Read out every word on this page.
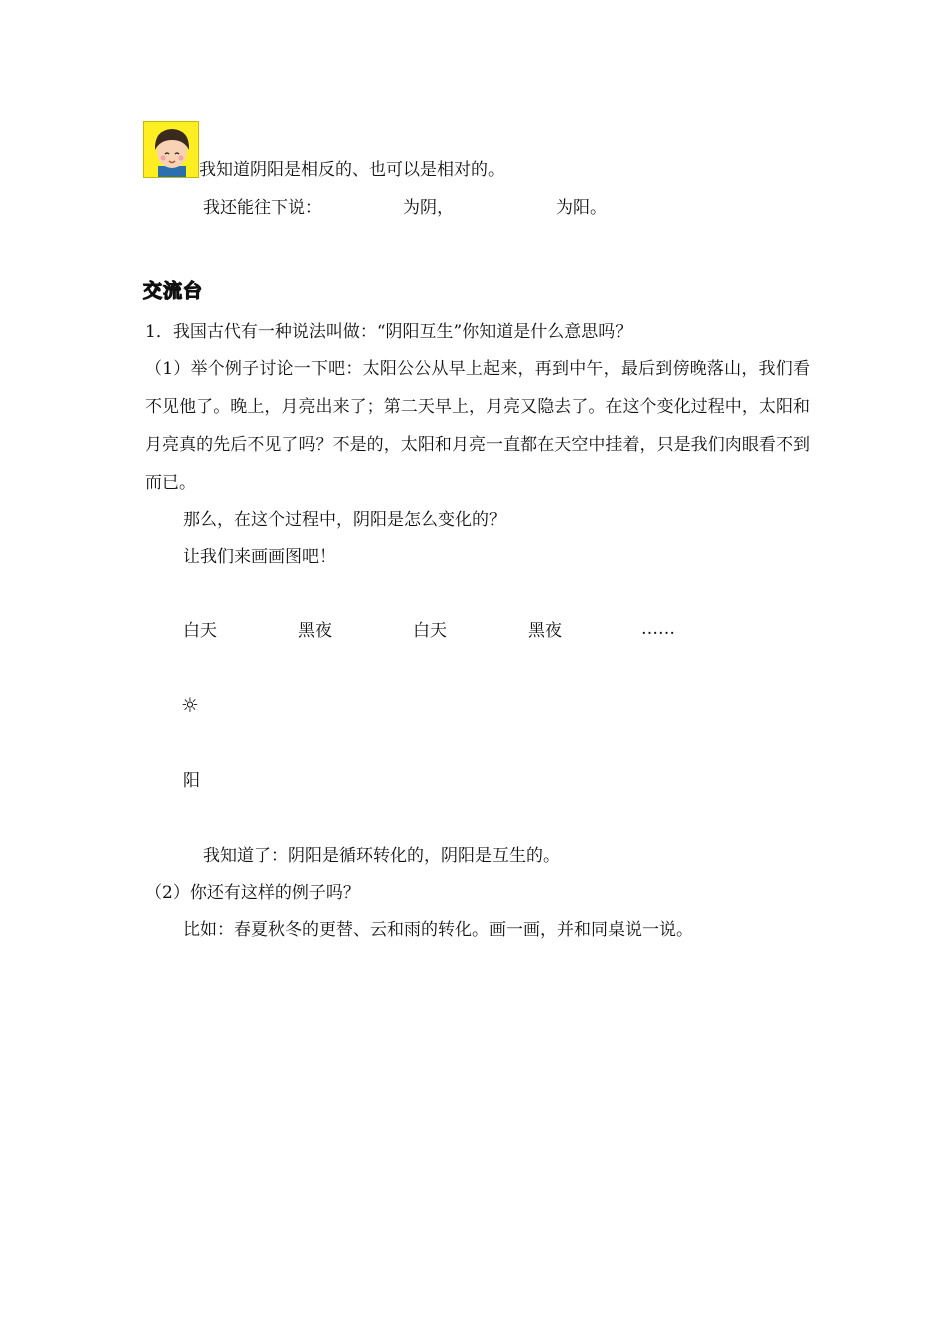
我知道阴阳是相反的、也可以是相对的。
我还能往下说：	为阴，	为阳。
交流台
1．我国古代有一种说法叫做：“阴阳互生”你知道是什么意思吗？
（1）举个例子讨论一下吧：太阳公公从早上起来，再到中午，最后到傍晚落山，我们看不见他了。晚上，月亮出来了；第二天早上，月亮又隐去了。在这个变化过程中，太阳和月亮真的先后不见了吗？不是的，太阳和月亮一直都在天空中挂着，只是我们肉眼看不到而已。
那么，在这个过程中，阴阳是怎么变化的？
让我们来画画图吧！
白天	黑夜	白天	黑夜	……
☼
阳
我知道了：阴阳是循环转化的，阴阳是互生的。
（2）你还有这样的例子吗？
比如：春夏秋冬的更替、云和雨的转化。画一画，并和同桌说一说。
